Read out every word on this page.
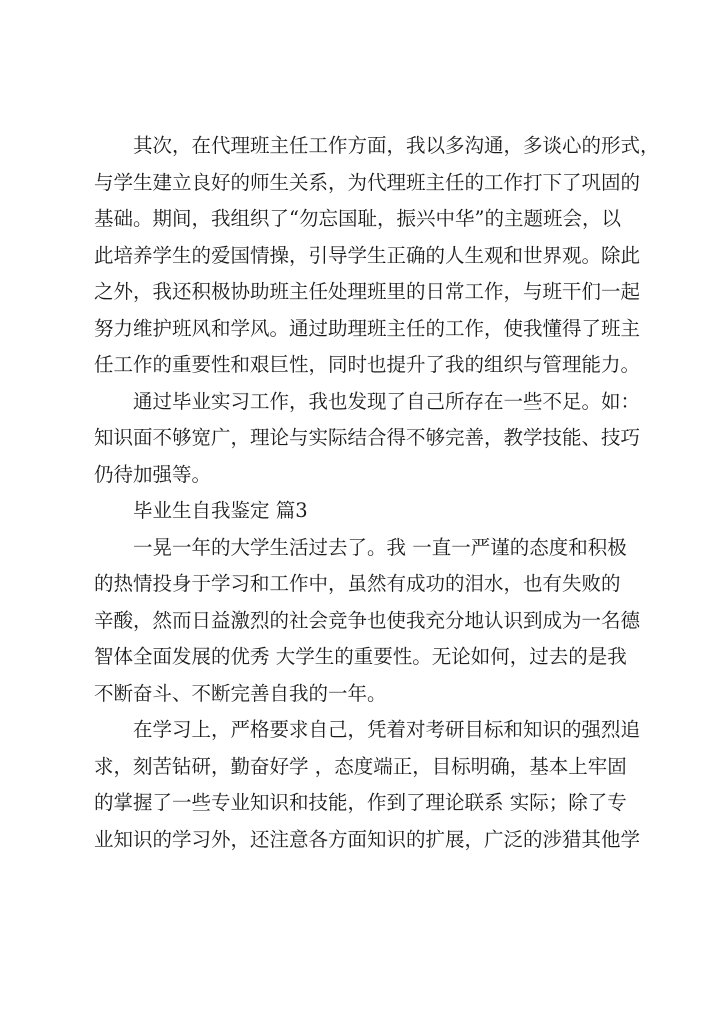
其次，在代理班主任工作方面，我以多沟通，多谈心的形式，
与学生建立良好的师生关系，为代理班主任的工作打下了巩固的
基础。期间，我组织了“勿忘国耻，振兴中华”的主题班会，以
此培养学生的爱国情操，引导学生正确的人生观和世界观。除此
之外，我还积极协助班主任处理班里的日常工作，与班干们一起
努力维护班风和学风。通过助理班主任的工作，使我懂得了班主
任工作的重要性和艰巨性，同时也提升了我的组织与管理能力。
通过毕业实习工作，我也发现了自己所存在一些不足。如：
知识面不够宽广，理论与实际结合得不够完善，教学技能、技巧
仍待加强等。
毕业生自我鉴定 篇3
一晃一年的大学生活过去了。我 一直一严谨的态度和积极
的热情投身于学习和工作中，虽然有成功的泪水，也有失败的
辛酸，然而日益激烈的社会竞争也使我充分地认识到成为一名德
智体全面发展的优秀 大学生的重要性。无论如何，过去的是我
不断奋斗、不断完善自我的一年。
在学习上，严格要求自己，凭着对考研目标和知识的强烈追
求，刻苦钻研，勤奋好学 ，态度端正，目标明确，基本上牢固
的掌握了一些专业知识和技能，作到了理论联系 实际；除了专
业知识的学习外，还注意各方面知识的扩展，广泛的涉猎其他学
